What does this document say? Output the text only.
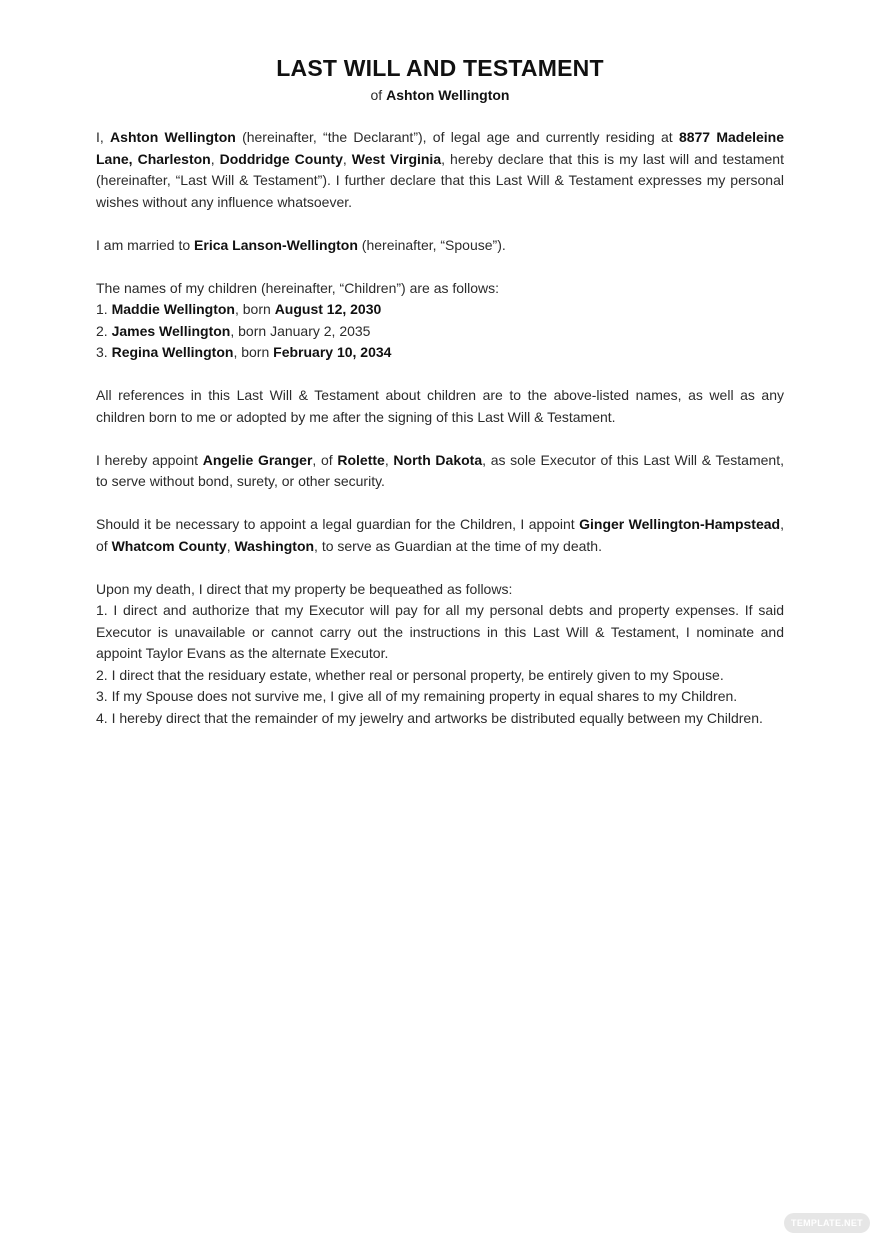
LAST WILL AND TESTAMENT
of Ashton Wellington

I, Ashton Wellington (hereinafter, “the Declarant”), of legal age and currently residing at 8877 Madeleine Lane, Charleston, Doddridge County, West Virginia, hereby declare that this is my last will and testament (hereinafter, “Last Will & Testament”). I further declare that this Last Will & Testament expresses my personal wishes without any influence whatsoever.

I am married to Erica Lanson-Wellington (hereinafter, “Spouse”).

The names of my children (hereinafter, “Children”) are as follows:
1. Maddie Wellington, born August 12, 2030
2. James Wellington, born January 2, 2035
3. Regina Wellington, born February 10, 2034

All references in this Last Will & Testament about children are to the above-listed names, as well as any children born to me or adopted by me after the signing of this Last Will & Testament.

I hereby appoint Angelie Granger, of Rolette, North Dakota, as sole Executor of this Last Will & Testament, to serve without bond, surety, or other security.

Should it be necessary to appoint a legal guardian for the Children, I appoint Ginger Wellington-Hampstead, of Whatcom County, Washington, to serve as Guardian at the time of my death.

Upon my death, I direct that my property be bequeathed as follows:
1. I direct and authorize that my Executor will pay for all my personal debts and property expenses. If said Executor is unavailable or cannot carry out the instructions in this Last Will & Testament, I nominate and appoint Taylor Evans as the alternate Executor.
2. I direct that the residuary estate, whether real or personal property, be entirely given to my Spouse.
3. If my Spouse does not survive me, I give all of my remaining property in equal shares to my Children.
4. I hereby direct that the remainder of my jewelry and artworks be distributed equally between my Children.
TEMPLATE.NET
